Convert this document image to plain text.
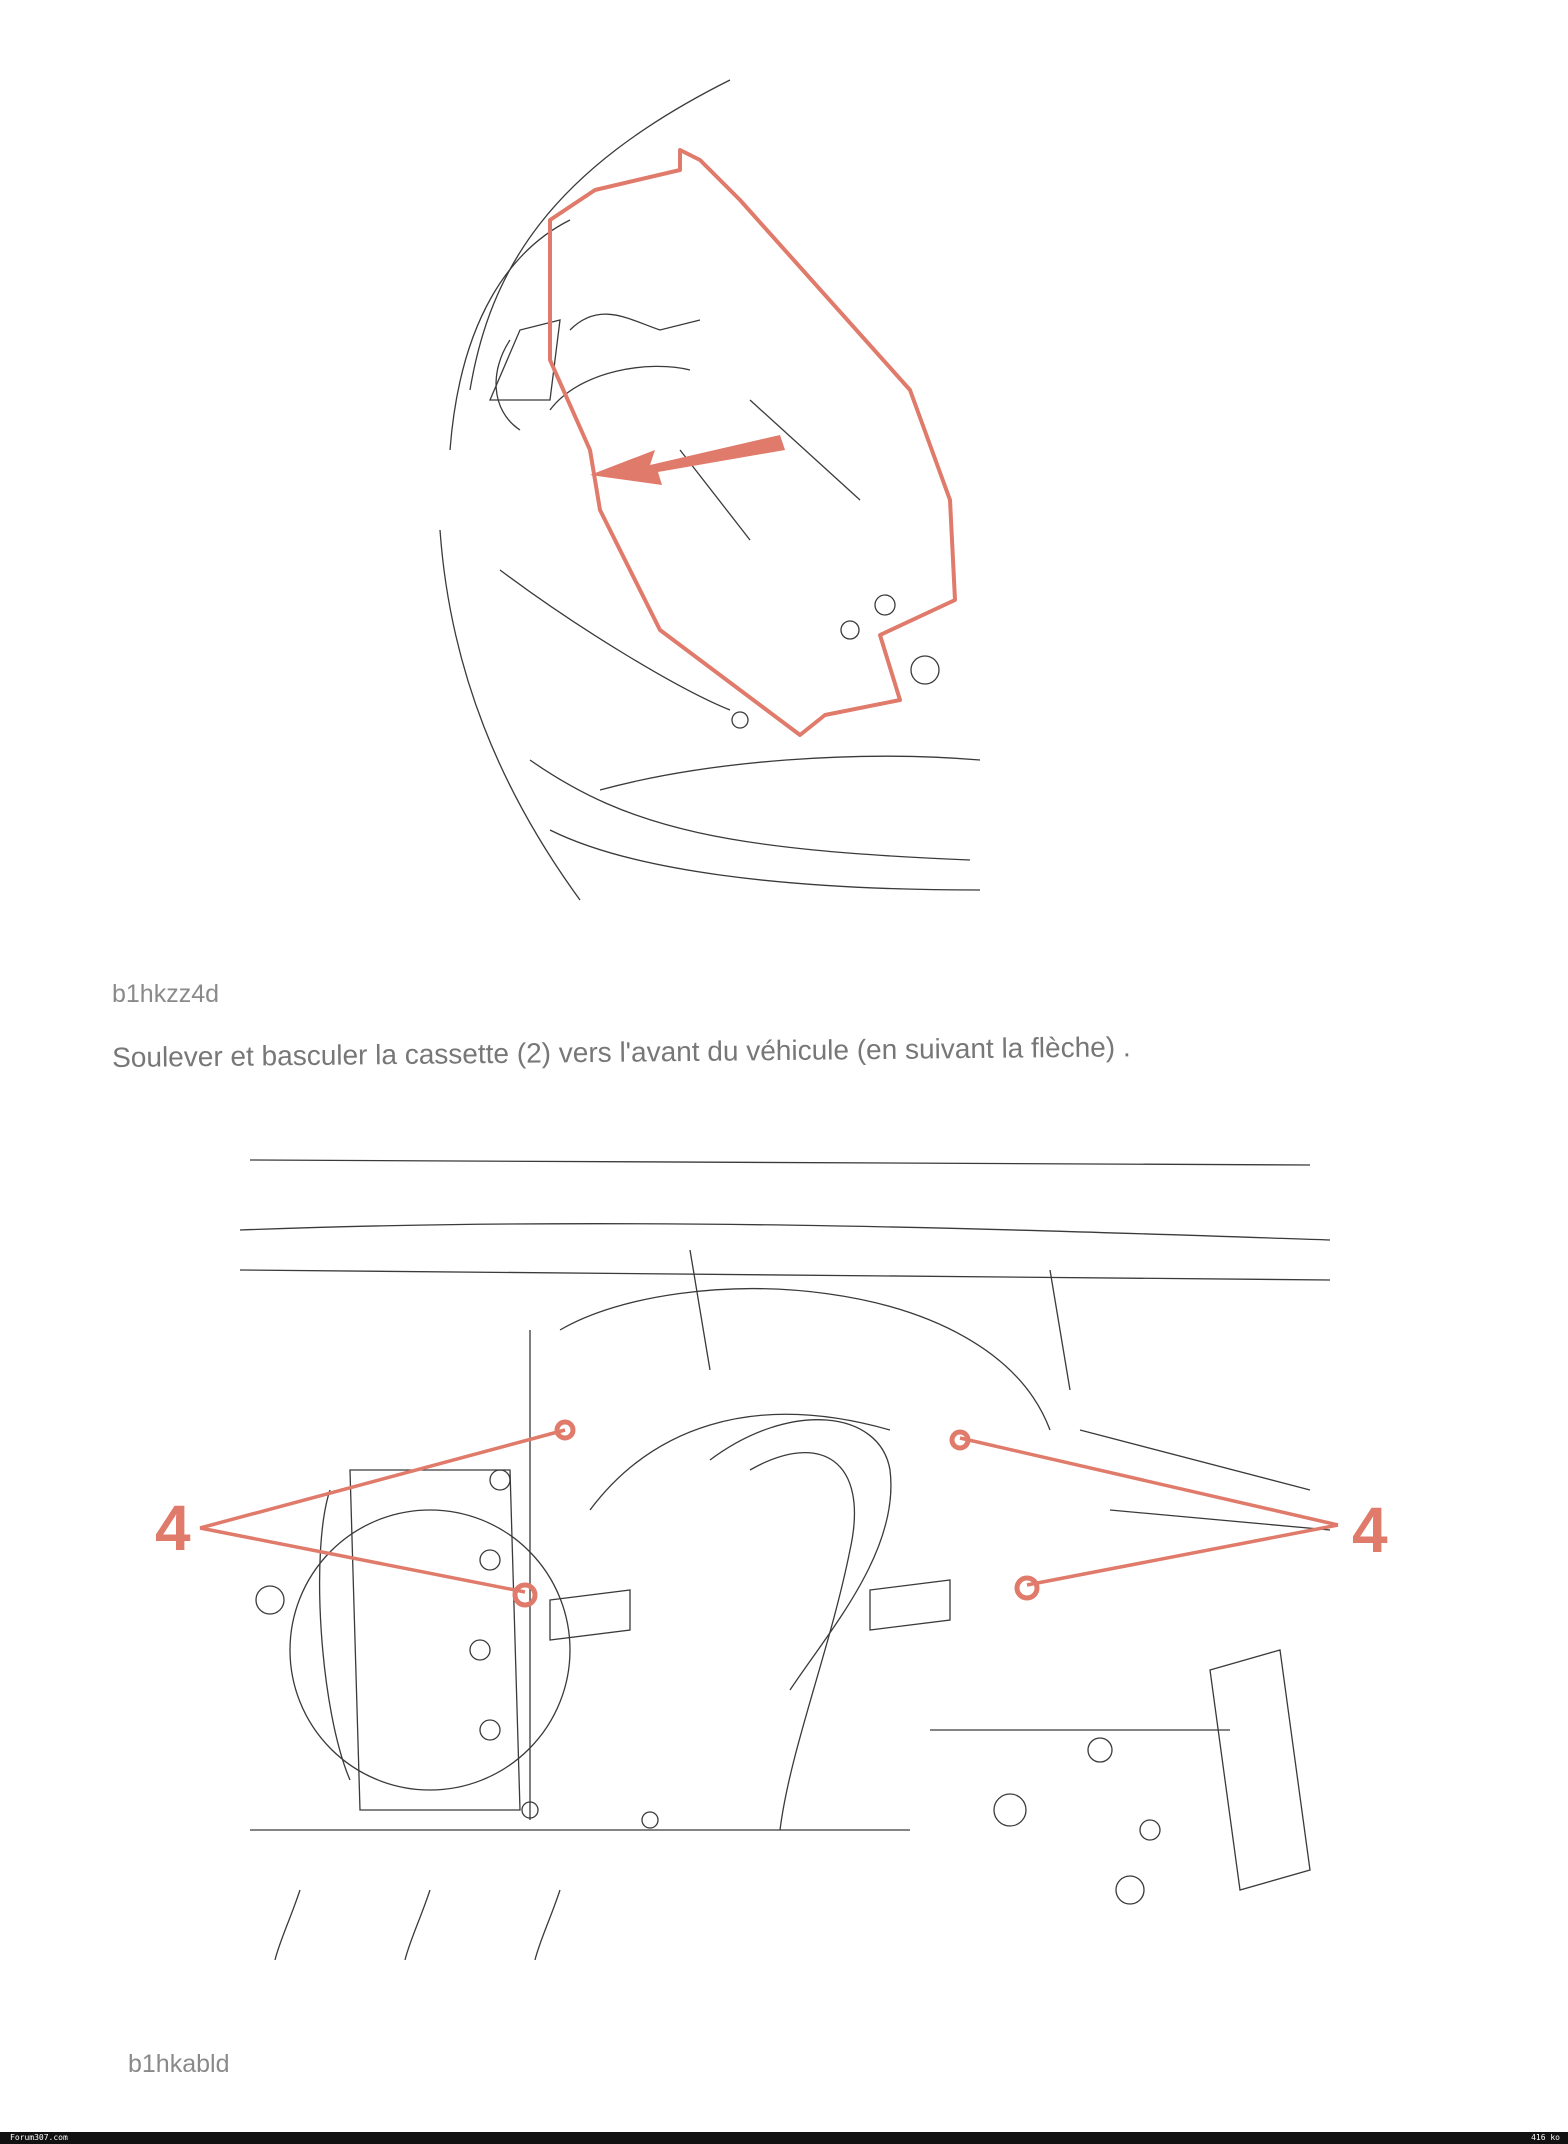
b1hkzz4d
Soulever et basculer la cassette (2) vers l'avant du véhicule (en suivant la flèche) .
4	4
b1hkabld
Forum307.com	416 ko
